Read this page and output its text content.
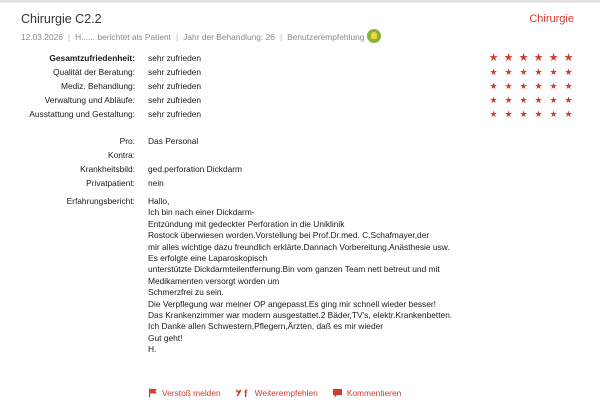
Chirurgie C2.2	Chirurgie
12.03.2026 | H...... berichtet als Patient | Jahr der Behandlung: 26 | Benutzerempfehlung
Gesamtzufriedenheit: sehr zufrieden	★ ★ ★ ★ ★ ★
Qualität der Beratung: sehr zufrieden	★ ★ ★ ★ ★ ★
Mediz. Behandlung: sehr zufrieden	★ ★ ★ ★ ★ ★
Verwaltung und Abläufe: sehr zufrieden	★ ★ ★ ★ ★ ★
Ausstattung und Gestaltung: sehr zufrieden	★ ★ ★ ★ ★ ★
Pro: Das Personal
Kontra:
Krankheitsbild: ged.perforation Dickdarm
Privatpatient: nein
Erfahrungsbericht: Hallo,
Ich bin nach einer Dickdarm-
Entzündung mit gedeckter Perforation in die Uniklinik
Rostock überwiesen worden.Vorstellung bei Prof.Dr.med. C.Schafmayer,der
mir alles wichtige dazu freundlich erklärte.Dannach Vorbereitung,Anästhesie usw.
Es erfolgte eine Laparoskopisch
unterstützte Dickdarmteilentfernung.Bin vom ganzen Team nett betreut und mit
Medikamenten versorgt worden um
Schmerzfrei zu sein.
Die Verpflegung war meiner OP angepasst.Es ging mir schnell wieder besser!
Das Krankenzimmer war modern ausgestattet.2 Bäder,TV's, elektr.Krankenbetten.
Ich Danke allen Schwestern,Pflegern,Ärzten, daß es mir wieder
Gut geht!
H.
Verstoß melden f Weiterempfehlen	Kommentieren
